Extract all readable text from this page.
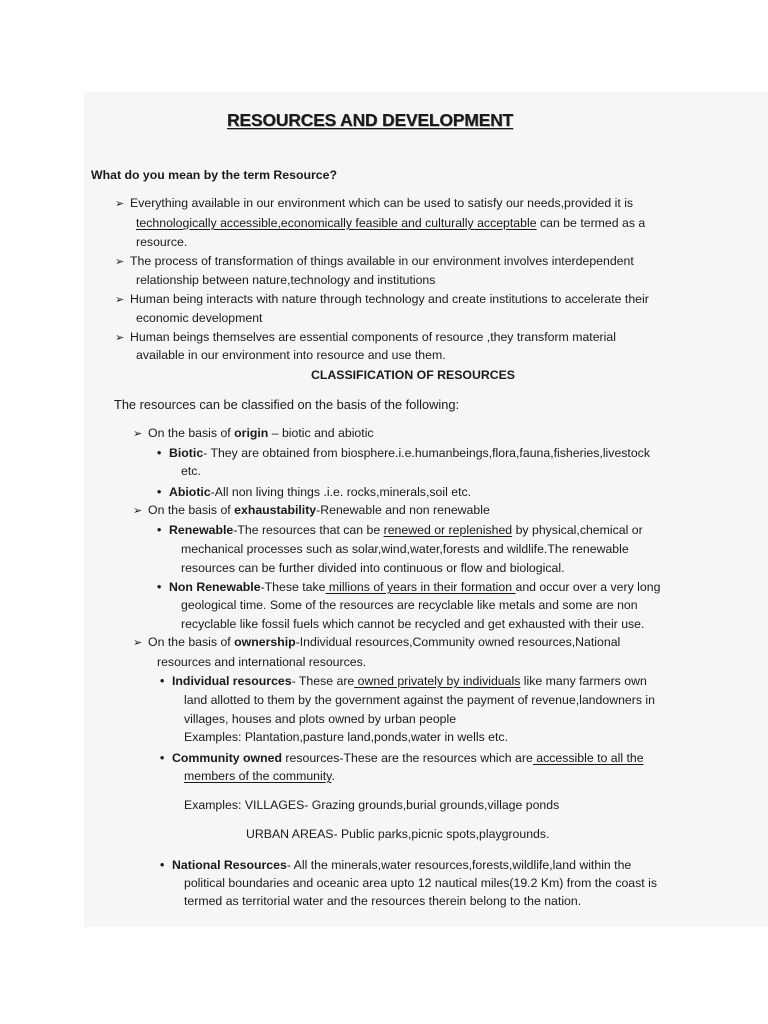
RESOURCES AND DEVELOPMENT
What do you mean by the term Resource?
➢ Everything available in our environment which can be used to satisfy our needs,provided it is
technologically accessible,economically feasible and culturally acceptable can be termed as a
resource.
➢ The process of transformation of things available in our environment involves interdependent
relationship between nature,technology and institutions
➢ Human being interacts with nature through technology and create institutions to accelerate their
economic development
➢ Human beings themselves are essential components of resource ,they transform material
available in our environment into resource and use them.
CLASSIFICATION OF RESOURCES
The resources can be classified on the basis of the following:
➢ On the basis of origin – biotic and abiotic
• Biotic- They are obtained from biosphere.i.e.humanbeings,flora,fauna,fisheries,livestock
etc.
• Abiotic-All non living things .i.e. rocks,minerals,soil etc.
➢ On the basis of exhaustability-Renewable and non renewable
• Renewable-The resources that can be renewed or replenished by physical,chemical or
mechanical processes such as solar,wind,water,forests and wildlife.The renewable
resources can be further divided into continuous or flow and biological.
• Non Renewable-These take millions of years in their formation and occur over a very long
geological time. Some of the resources are recyclable like metals and some are non
recyclable like fossil fuels which cannot be recycled and get exhausted with their use.
➢ On the basis of ownership-Individual resources,Community owned resources,National
resources and international resources.
• Individual resources- These are owned privately by individuals like many farmers own
land allotted to them by the government against the payment of revenue,landowners in
villages, houses and plots owned by urban people
Examples: Plantation,pasture land,ponds,water in wells etc.
• Community owned resources-These are the resources which are accessible to all the
members of the community.
Examples: VILLAGES- Grazing grounds,burial grounds,village ponds
URBAN AREAS- Public parks,picnic spots,playgrounds.
• National Resources- All the minerals,water resources,forests,wildlife,land within the
political boundaries and oceanic area upto 12 nautical miles(19.2 Km) from the coast is
termed as territorial water and the resources therein belong to the nation.
